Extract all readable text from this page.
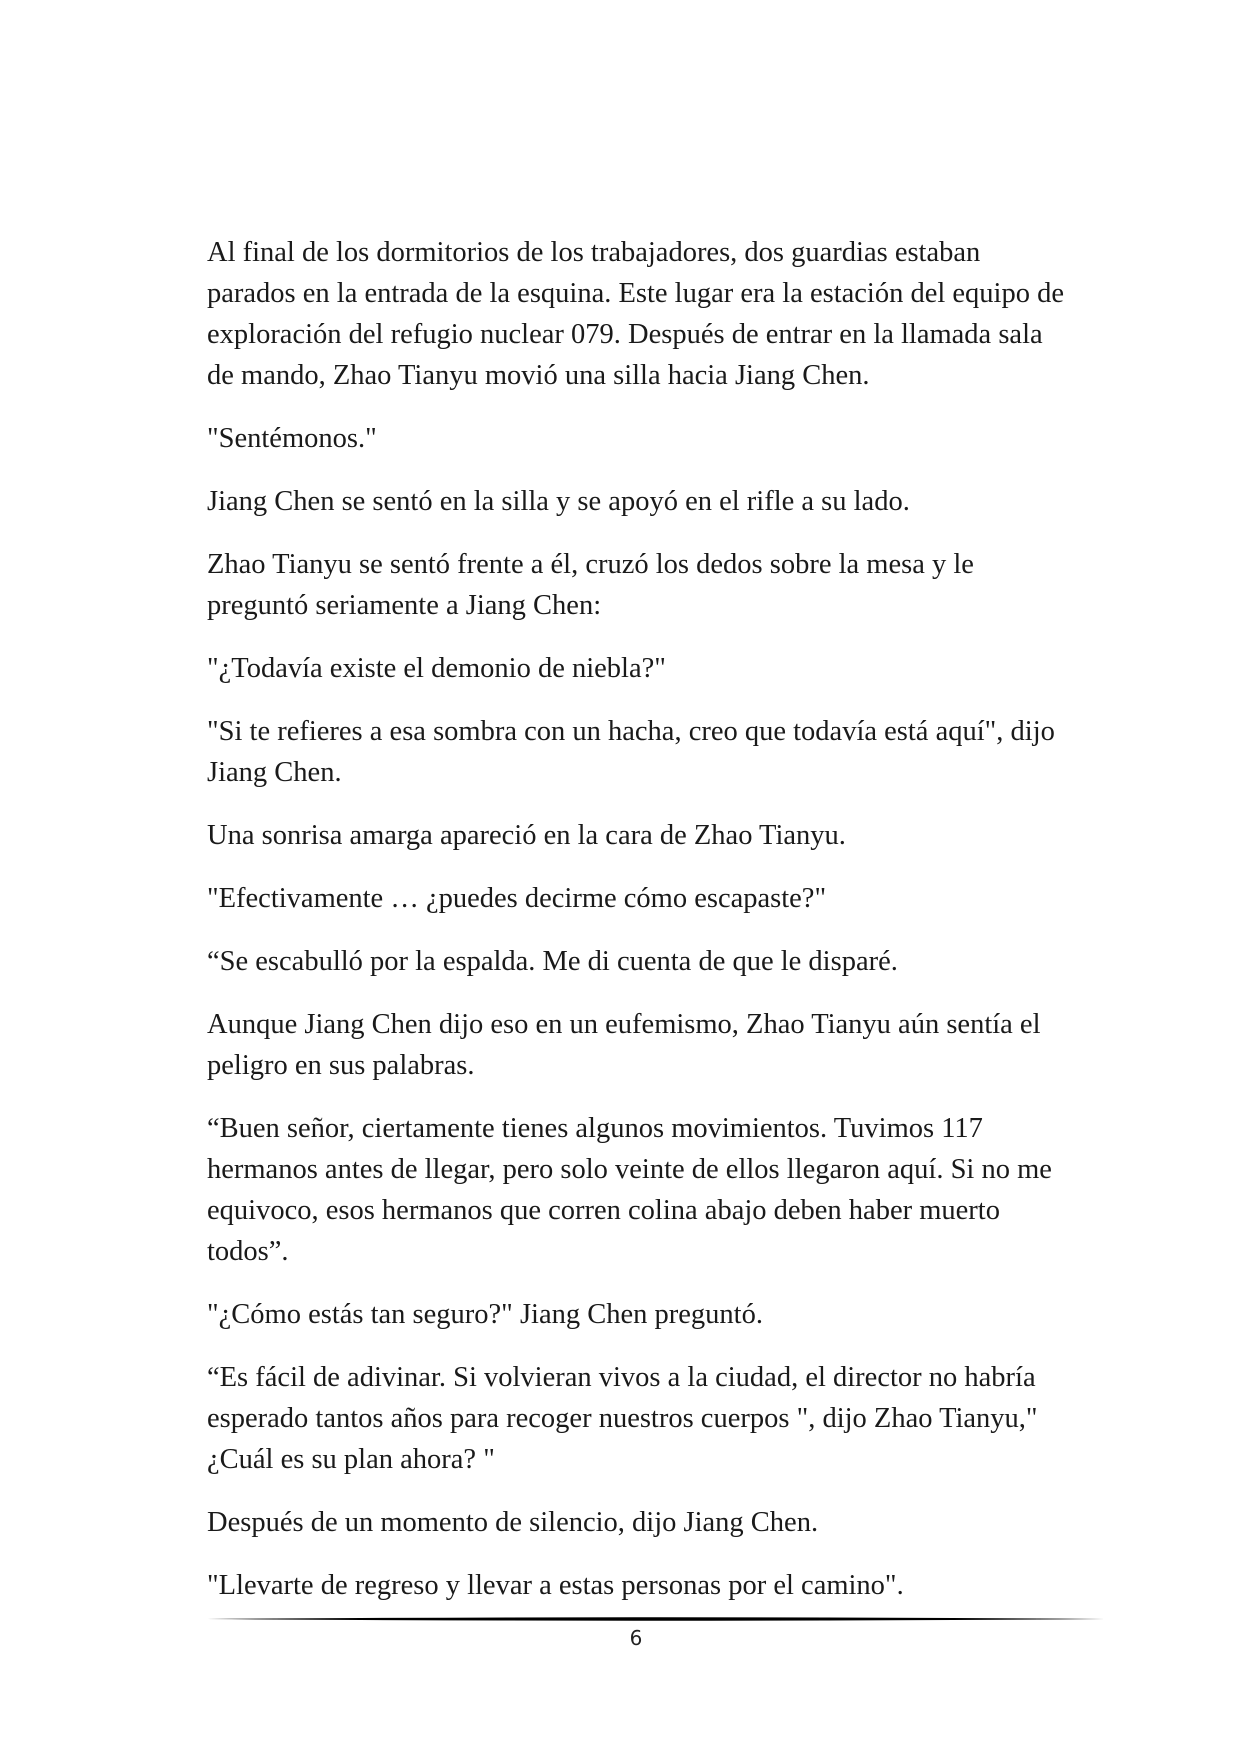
Al final de los dormitorios de los trabajadores, dos guardias estaban parados en la entrada de la esquina. Este lugar era la estación del equipo de exploración del refugio nuclear 079. Después de entrar en la llamada sala de mando, Zhao Tianyu movió una silla hacia Jiang Chen.

"Sentémonos."

Jiang Chen se sentó en la silla y se apoyó en el rifle a su lado.

Zhao Tianyu se sentó frente a él, cruzó los dedos sobre la mesa y le preguntó seriamente a Jiang Chen:

"¿Todavía existe el demonio de niebla?"

"Si te refieres a esa sombra con un hacha, creo que todavía está aquí", dijo Jiang Chen.

Una sonrisa amarga apareció en la cara de Zhao Tianyu.

"Efectivamente … ¿puedes decirme cómo escapaste?"

“Se escabulló por la espalda. Me di cuenta de que le disparé.

Aunque Jiang Chen dijo eso en un eufemismo, Zhao Tianyu aún sentía el peligro en sus palabras.

“Buen señor, ciertamente tienes algunos movimientos. Tuvimos 117 hermanos antes de llegar, pero solo veinte de ellos llegaron aquí. Si no me equivoco, esos hermanos que corren colina abajo deben haber muerto todos”.

"¿Cómo estás tan seguro?" Jiang Chen preguntó.

“Es fácil de adivinar. Si volvieran vivos a la ciudad, el director no habría esperado tantos años para recoger nuestros cuerpos ", dijo Zhao Tianyu," ¿Cuál es su plan ahora? "

Después de un momento de silencio, dijo Jiang Chen.

"Llevarte de regreso y llevar a estas personas por el camino".

6
